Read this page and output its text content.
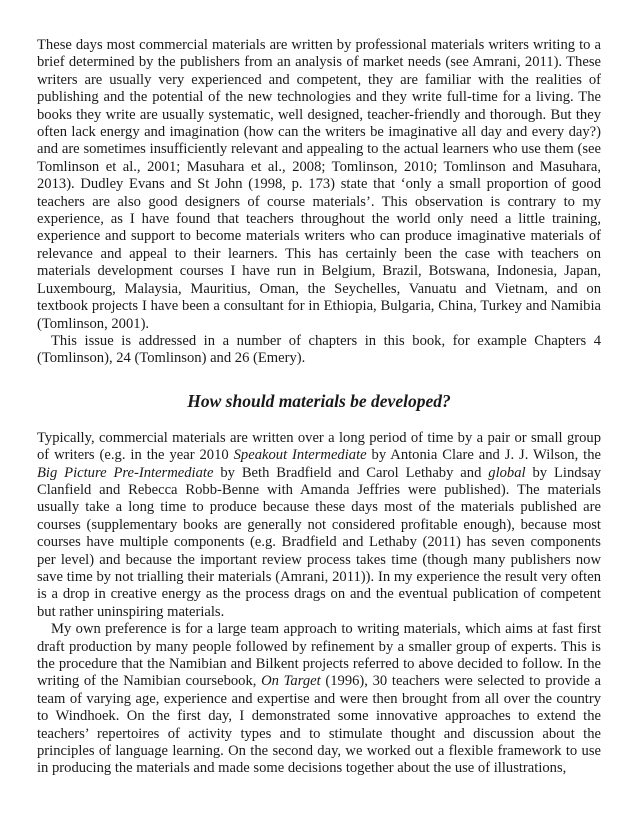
These days most commercial materials are written by professional materials writers writing to a brief determined by the publishers from an analysis of market needs (see Amrani, 2011). These writers are usually very experienced and competent, they are familiar with the realities of publishing and the potential of the new technologies and they write full-time for a living. The books they write are usually systematic, well designed, teacher-friendly and thorough. But they often lack energy and imagination (how can the writers be imaginative all day and every day?) and are sometimes insufficiently relevant and appealing to the actual learners who use them (see Tomlinson et al., 2001; Masuhara et al., 2008; Tomlinson, 2010; Tomlinson and Masuhara, 2013). Dudley Evans and St John (1998, p. 173) state that ‘only a small proportion of good teachers are also good designers of course materials’. This observation is contrary to my experience, as I have found that teachers throughout the world only need a little training, experience and support to become materials writers who can produce imaginative materials of relevance and appeal to their learners. This has certainly been the case with teachers on materials development courses I have run in Belgium, Brazil, Botswana, Indonesia, Japan, Luxembourg, Malaysia, Mauritius, Oman, the Seychelles, Vanuatu and Vietnam, and on textbook projects I have been a consultant for in Ethiopia, Bulgaria, China, Turkey and Namibia (Tomlinson, 2001).

This issue is addressed in a number of chapters in this book, for example Chapters 4 (Tomlinson), 24 (Tomlinson) and 26 (Emery).

How should materials be developed?

Typically, commercial materials are written over a long period of time by a pair or small group of writers (e.g. in the year 2010 Speakout Intermediate by Antonia Clare and J. J. Wilson, the Big Picture Pre-Intermediate by Beth Bradfield and Carol Lethaby and global by Lindsay Clanfield and Rebecca Robb-Benne with Amanda Jeffries were published). The materials usually take a long time to produce because these days most of the materials published are courses (supplementary books are generally not considered profitable enough), because most courses have multiple components (e.g. Bradfield and Lethaby (2011) has seven components per level) and because the important review process takes time (though many publishers now save time by not trialling their materials (Amrani, 2011)). In my experience the result very often is a drop in creative energy as the process drags on and the eventual publication of competent but rather uninspiring materials.

My own preference is for a large team approach to writing materials, which aims at fast first draft production by many people followed by refinement by a smaller group of experts. This is the procedure that the Namibian and Bilkent projects referred to above decided to follow. In the writing of the Namibian coursebook, On Target (1996), 30 teachers were selected to provide a team of varying age, experience and expertise and were then brought from all over the country to Windhoek. On the first day, I demonstrated some innovative approaches to extend the teachers’ repertoires of activity types and to stimulate thought and discussion about the principles of language learning. On the second day, we worked out a flexible framework to use in producing the materials and made some decisions together about the use of illustrations,
